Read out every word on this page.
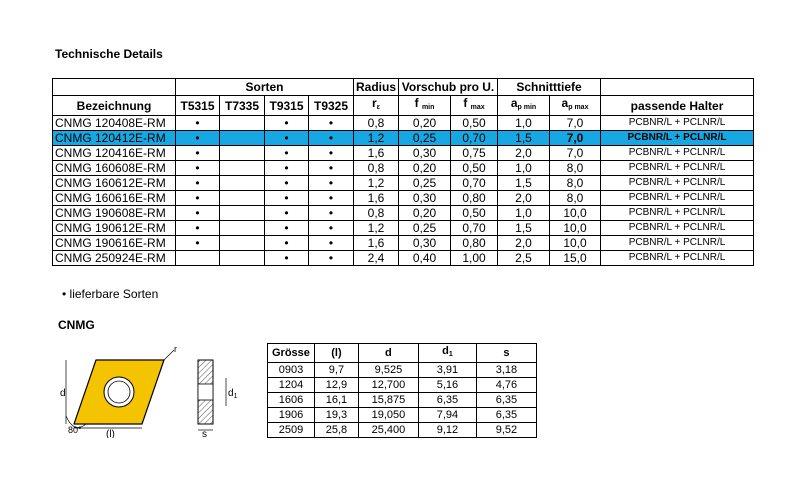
Technische Details
	Sorten				Radius	Vorschub pro U.		Schnitttiefe		
Bezeichnung	T5315	T7335	T9315	T9325	$r_\varepsilon$	f $_{min}$	f $_{max}$	$a_{p min}$	$a_{p max}$	passende Halter
CNMG 120408E-RM	•		•	•	0,8	0,20	0,50	1,0	7,0	PCBNR/L + PCLNR/L
CNMG 120412E-RM	•		•	•	1,2	0,25	0,70	1,5	7,0	PCBNR/L + PCLNR/L
CNMG 120416E-RM	•		•	•	1,6	0,30	0,75	2,0	7,0	PCBNR/L + PCLNR/L
CNMG 160608E-RM	•		•	•	0,8	0,20	0,50	1,0	8,0	PCBNR/L + PCLNR/L
CNMG 160612E-RM	•		•	•	1,2	0,25	0,70	1,5	8,0	PCBNR/L + PCLNR/L
CNMG 160616E-RM	•		•	•	1,6	0,30	0,80	2,0	8,0	PCBNR/L + PCLNR/L
CNMG 190608E-RM	•		•	•	0,8	0,20	0,50	1,0	10,0	PCBNR/L + PCLNR/L
CNMG 190612E-RM	•		•	•	1,2	0,25	0,70	1,5	10,0	PCBNR/L + PCLNR/L
CNMG 190616E-RM	•		•	•	1,6	0,30	0,80	2,0	10,0	PCBNR/L + PCLNR/L
CNMG 250924E-RM			•	•	2,4	0,40	1,00	2,5	15,0	PCBNR/L + PCLNR/L
• lieferbare Sorten
CNMG
d
(l)
80°
r
$d_1$
s
Grösse	(l)	d	$d_1$	s
0903	9,7	9,525	3,91	3,18
1204	12,9	12,700	5,16	4,76
1606	16,1	15,875	6,35	6,35
1906	19,3	19,050	7,94	6,35
2509	25,8	25,400	9,12	9,52
